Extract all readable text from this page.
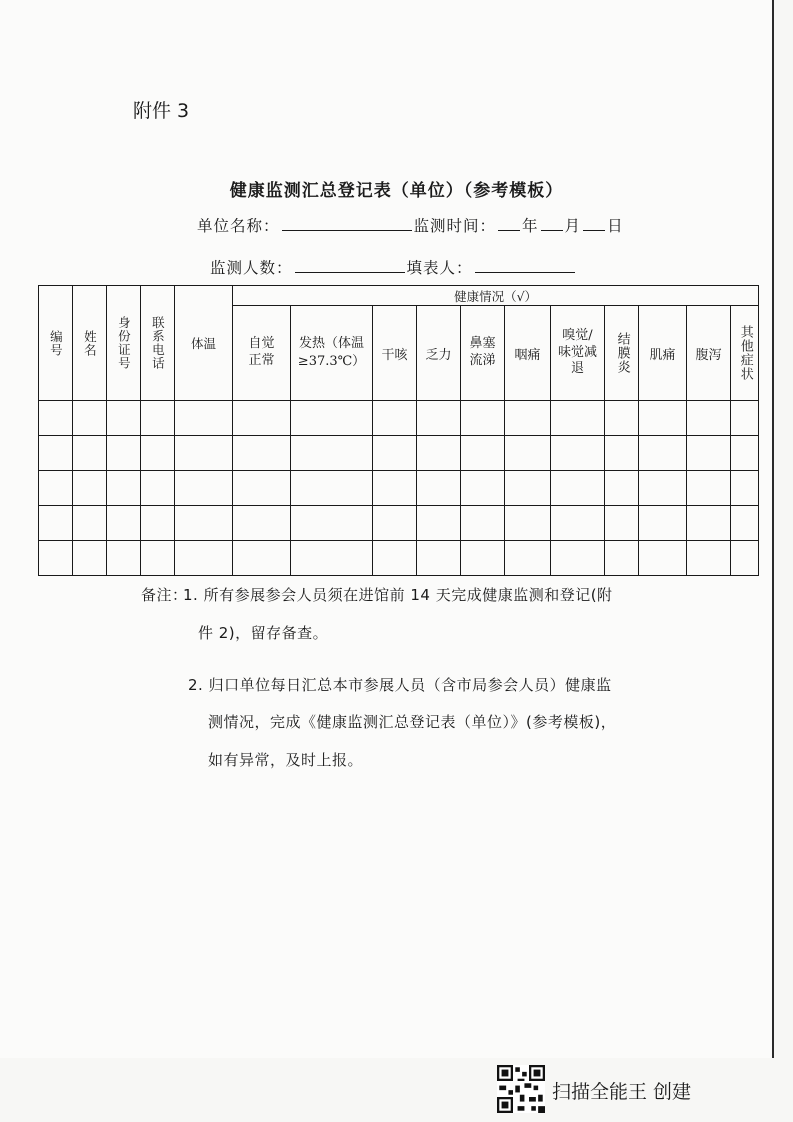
附件 3
健康监测汇总登记表（单位）（参考模板）
单位名称：	监测时间： 年 月 日
监测人数：	填表人：
编号	姓名	身份证号	联系电话	体温	健康情况（√）										

					自觉正常	发热（体温≥37.3℃）	干咳	乏力	鼻塞流涕	咽痛	嗅觉/味觉减退	结膜炎	肌痛	腹泻	其他症状

备注：
1. 所有参展参会人员须在进馆前 14 天完成健康监测和登记(附
件 2)，留存备查。
2. 归口单位每日汇总本市参展人员（含市局参会人员）健康监
测情况，完成《健康监测汇总登记表（单位）》(参考模板)，
如有异常，及时上报。
扫描全能王 创建
